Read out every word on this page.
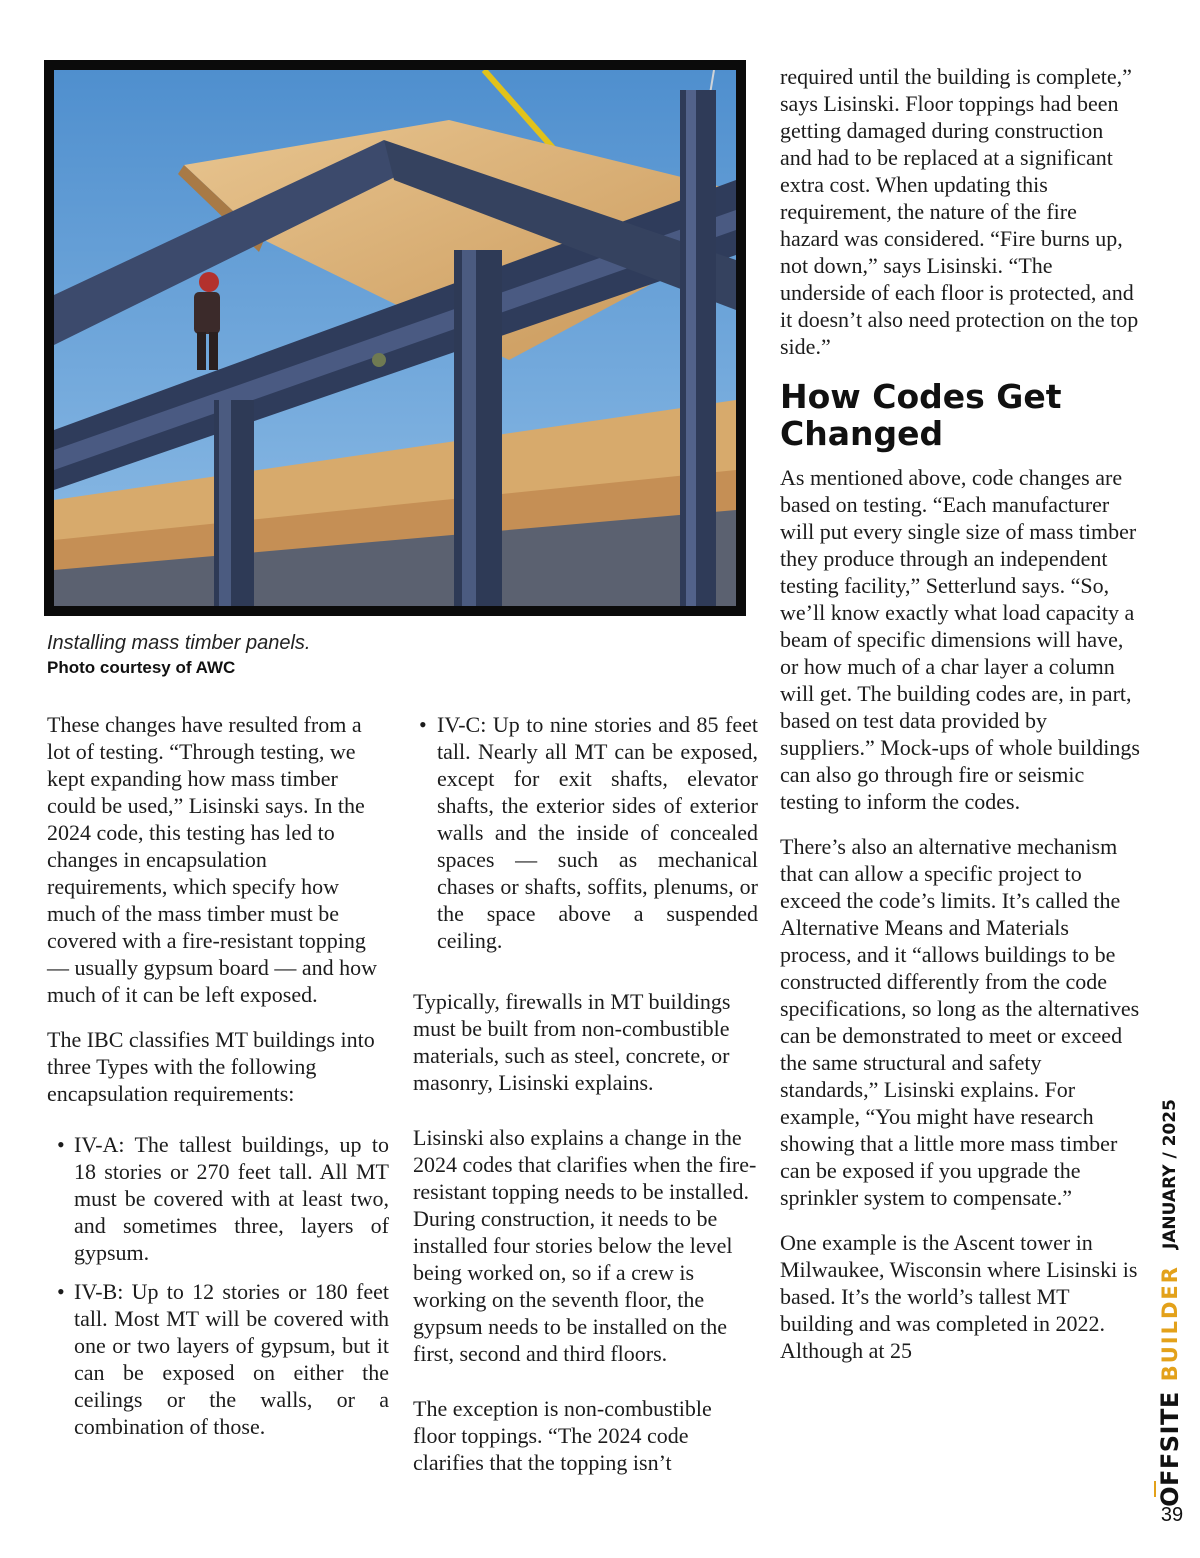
Installing mass timber panels.
Photo courtesy of AWC

These changes have resulted from a lot of testing. “Through testing, we kept expanding how mass timber could be used,” Lisinski says. In the 2024 code, this testing has led to changes in encapsulation requirements, which specify how much of the mass timber must be covered with a fire-resistant topping — usually gypsum board — and how much of it can be left exposed.

The IBC classifies MT buildings into three Types with the following encapsulation requirements:

• IV-A: The tallest buildings, up to 18 stories or 270 feet tall. All MT must be covered with at least two, and sometimes three, layers of gypsum.
• IV-B: Up to 12 stories or 180 feet tall. Most MT will be covered with one or two layers of gypsum, but it can be exposed on either the ceilings or the walls, or a combination of those.
• IV-C: Up to nine stories and 85 feet tall. Nearly all MT can be exposed, except for exit shafts, elevator shafts, the exterior sides of exterior walls and the inside of concealed spaces — such as mechanical chases or shafts, soffits, plenums, or the space above a suspended ceiling.

Typically, firewalls in MT buildings must be built from non-combustible materials, such as steel, concrete, or masonry, Lisinski explains.

Lisinski also explains a change in the 2024 codes that clarifies when the fire-resistant topping needs to be installed. During construction, it needs to be installed four stories below the level being worked on, so if a crew is working on the seventh floor, the gypsum needs to be installed on the first, second and third floors.

The exception is non-combustible floor toppings. “The 2024 code clarifies that the topping isn’t

required until the building is complete,” says Lisinski. Floor toppings had been getting damaged during construction and had to be replaced at a significant extra cost. When updating this requirement, the nature of the fire hazard was considered. “Fire burns up, not down,” says Lisinski. “The underside of each floor is protected, and it doesn’t also need protection on the top side.”

How Codes Get Changed

As mentioned above, code changes are based on testing. “Each manufacturer will put every single size of mass timber they produce through an independent testing facility,” Setterlund says. “So, we’ll know exactly what load capacity a beam of specific dimensions will have, or how much of a char layer a column will get. The building codes are, in part, based on test data provided by suppliers.” Mock-ups of whole buildings can also go through fire or seismic testing to inform the codes.

There’s also an alternative mechanism that can allow a specific project to exceed the code’s limits. It’s called the Alternative Means and Materials process, and it “allows buildings to be constructed differently from the code specifications, so long as the alternatives can be demonstrated to meet or exceed the same structural and safety standards,” Lisinski explains. For example, “You might have research showing that a little more mass timber can be exposed if you upgrade the sprinkler system to compensate.”

One example is the Ascent tower in Milwaukee, Wisconsin where Lisinski is based. It’s the world’s tallest MT building and was completed in 2022. Although at 25

OFFSITE
BUILDER
JANUARY / 2025
39
